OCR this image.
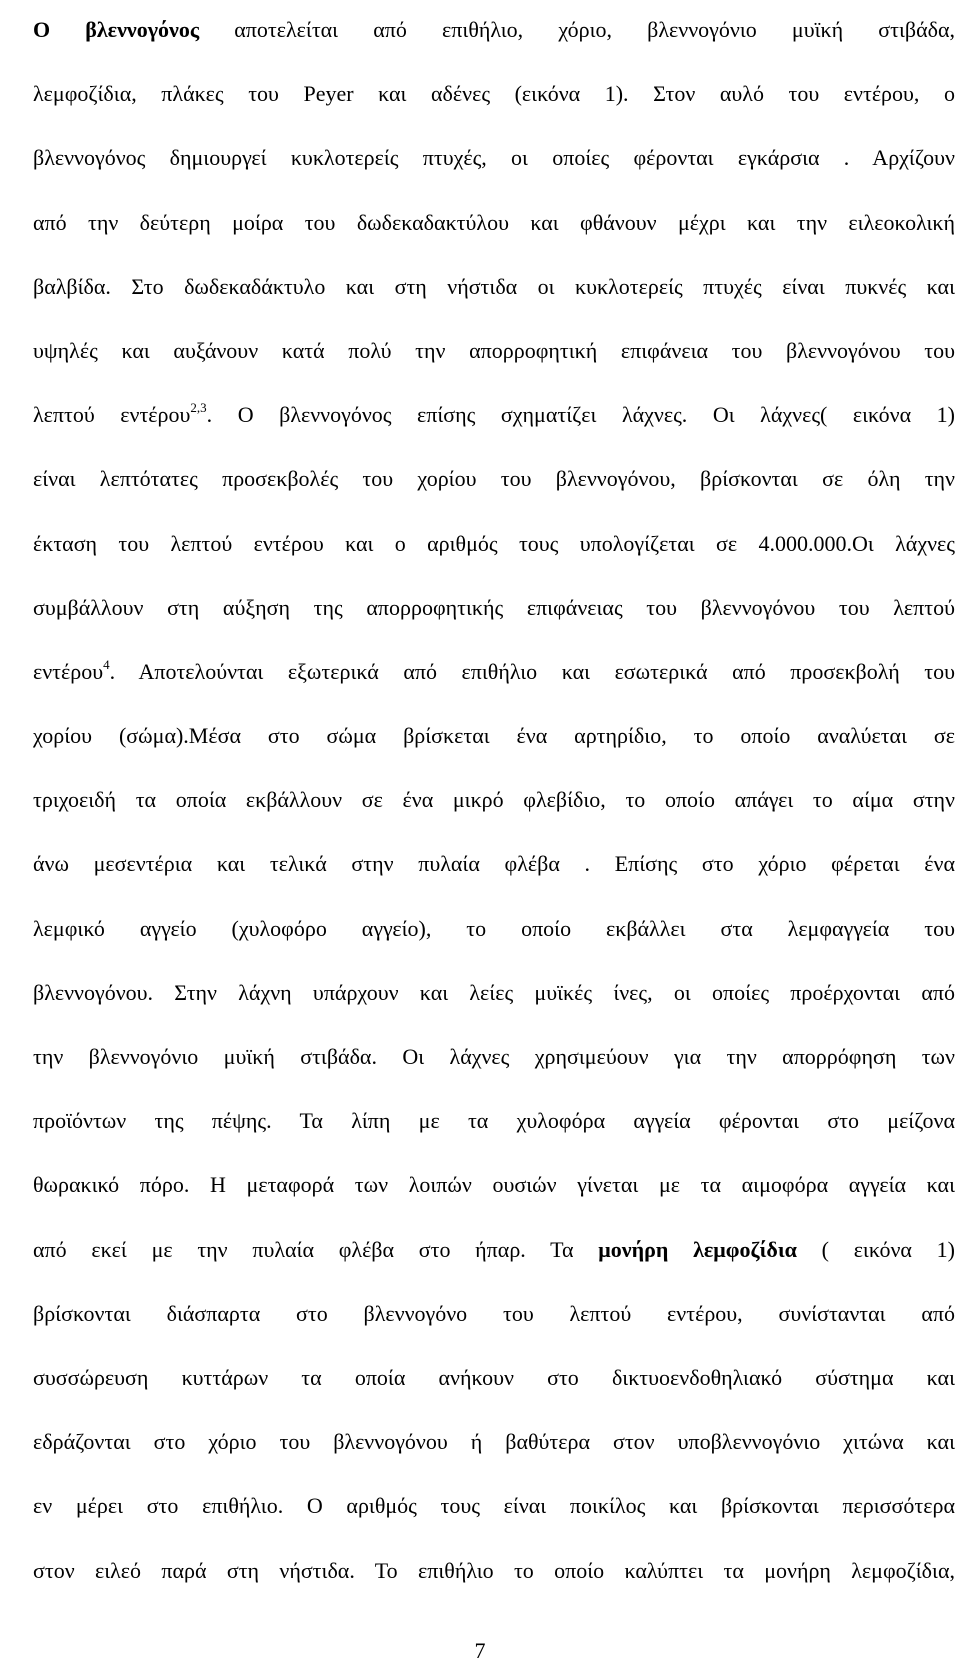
Ο βλεννογόνος αποτελείται από επιθήλιο, χόριο, βλεννογόνιο μυϊκή στιβάδα,
λεμφοζίδια, πλάκες του Peyer και αδένες (εικόνα 1). Στον αυλό του εντέρου, ο
βλεννογόνος δημιουργεί κυκλοτερείς πτυχές, οι οποίες φέρονται εγκάρσια . Αρχίζουν
από την δεύτερη μοίρα του δωδεκαδακτύλου και φθάνουν μέχρι και την ειλεοκολική
βαλβίδα. Στο δωδεκαδάκτυλο και στη νήστιδα οι κυκλοτερείς πτυχές είναι πυκνές και
υψηλές και αυξάνουν κατά πολύ την απορροφητική επιφάνεια του βλεννογόνου του
λεπτού εντέρου$^{2,3}$. Ο βλεννογόνος επίσης σχηματίζει λάχνες. Οι λάχνες( εικόνα 1)
είναι λεπτότατες προσεκβολές του χορίου του βλεννογόνου, βρίσκονται σε όλη την
έκταση του λεπτού εντέρου και ο αριθμός τους υπολογίζεται σε 4.000.000.Οι λάχνες
συμβάλλουν στη αύξηση της απορροφητικής επιφάνειας του βλεννογόνου του λεπτού
εντέρου$^4$. Αποτελούνται εξωτερικά από επιθήλιο και εσωτερικά από προσεκβολή του
χορίου (σώμα).Μέσα στο σώμα βρίσκεται ένα αρτηρίδιο, το οποίο αναλύεται σε
τριχοειδή τα οποία εκβάλλουν σε ένα μικρό φλεβίδιο, το οποίο απάγει το αίμα στην
άνω μεσεντέρια και τελικά στην πυλαία φλέβα . Επίσης στο χόριο φέρεται ένα
λεμφικό αγγείο (χυλοφόρο αγγείο), το οποίο εκβάλλει στα λεμφαγγεία του
βλεννογόνου. Στην λάχνη υπάρχουν και λείες μυϊκές ίνες, οι οποίες προέρχονται από
την βλεννογόνιο μυϊκή στιβάδα. Οι λάχνες χρησιμεύουν για την απορρόφηση των
προϊόντων της πέψης. Τα λίπη με τα χυλοφόρα αγγεία φέρονται στο μείζονα
θωρακικό πόρο. Η μεταφορά των λοιπών ουσιών γίνεται με τα αιμοφόρα αγγεία και
από εκεί με την πυλαία φλέβα στο ήπαρ. Τα μονήρη λεμφοζίδια ( εικόνα 1)
βρίσκονται διάσπαρτα στο βλεννογόνο του λεπτού εντέρου, συνίστανται από
συσσώρευση κυττάρων τα οποία ανήκουν στο δικτυοενδοθηλιακό σύστημα και
εδράζονται στο χόριο του βλεννογόνου ή βαθύτερα στον υποβλεννογόνιο χιτώνα και
εν μέρει στο επιθήλιο. Ο αριθμός τους είναι ποικίλος και βρίσκονται περισσότερα
στον ειλεό παρά στη νήστιδα. Το επιθήλιο το οποίο καλύπτει τα μονήρη λεμφοζίδια,
7
